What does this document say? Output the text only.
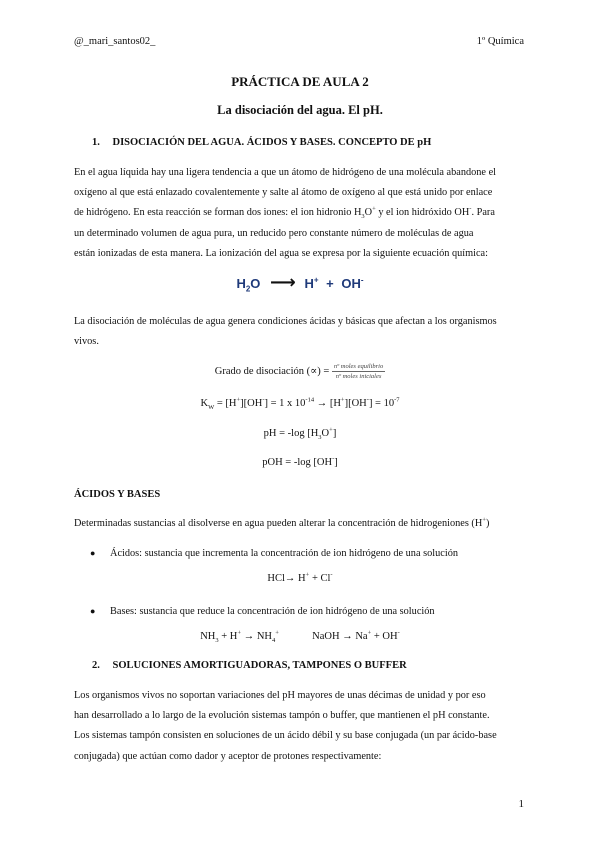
@_mari_santos02_	1º Química
PRÁCTICA DE AULA 2
La disociación del agua. El pH.
1. DISOCIACIÓN DEL AGUA. ÁCIDOS Y BASES. CONCEPTO DE pH
En el agua líquida hay una ligera tendencia a que un átomo de hidrógeno de una molécula abandone el
oxígeno al que está enlazado covalentemente y salte al átomo de oxígeno al que está unido por enlace
de hidrógeno. En esta reacción se forman dos iones: el ion hidronio $H_3O^+$ y el ion hidróxido OH-. Para
un determinado volumen de agua pura, un reducido pero constante número de moléculas de agua
están ionizadas de esta manera. La ionización del agua se expresa por la siguiente ecuación química:
$H_2O$ ⟶ H+ + OH-
La disociación de moléculas de agua genera condiciones ácidas y básicas que afectan a los organismos
vivos.
Grado de disociación (∝) = $\frac{\text{nº moles equilibrio}}{\text{nº moles iniciales}}$
$K_W = [H^+][OH^-] = 1$ x $10^{-14} \to [H^+][OH^-] = 10^{-7}$
pH = -log $[H_3O^+]$
pOH = -log [OH-]
ÁCIDOS Y BASES
Determinadas sustancias al disolverse en agua pueden alterar la concentración de hidrogeniones (H+)
● Ácidos: sustancia que incrementa la concentración de ion hidrógeno de una solución
HCl→ H+ + Cl-
● Bases: sustancia que reduce la concentración de ion hidrógeno de una solución
$NH_3 + H^+ \to NH_4^+$	NaOH → Na+ + OH-
2. SOLUCIONES AMORTIGUADORAS, TAMPONES O BUFFER
Los organismos vivos no soportan variaciones del pH mayores de unas décimas de unidad y por eso
han desarrollado a lo largo de la evolución sistemas tampón o buffer, que mantienen el pH constante.
Los sistemas tampón consisten en soluciones de un ácido débil y su base conjugada (un par ácido-base
conjugada) que actúan como dador y aceptor de protones respectivamente:
1
